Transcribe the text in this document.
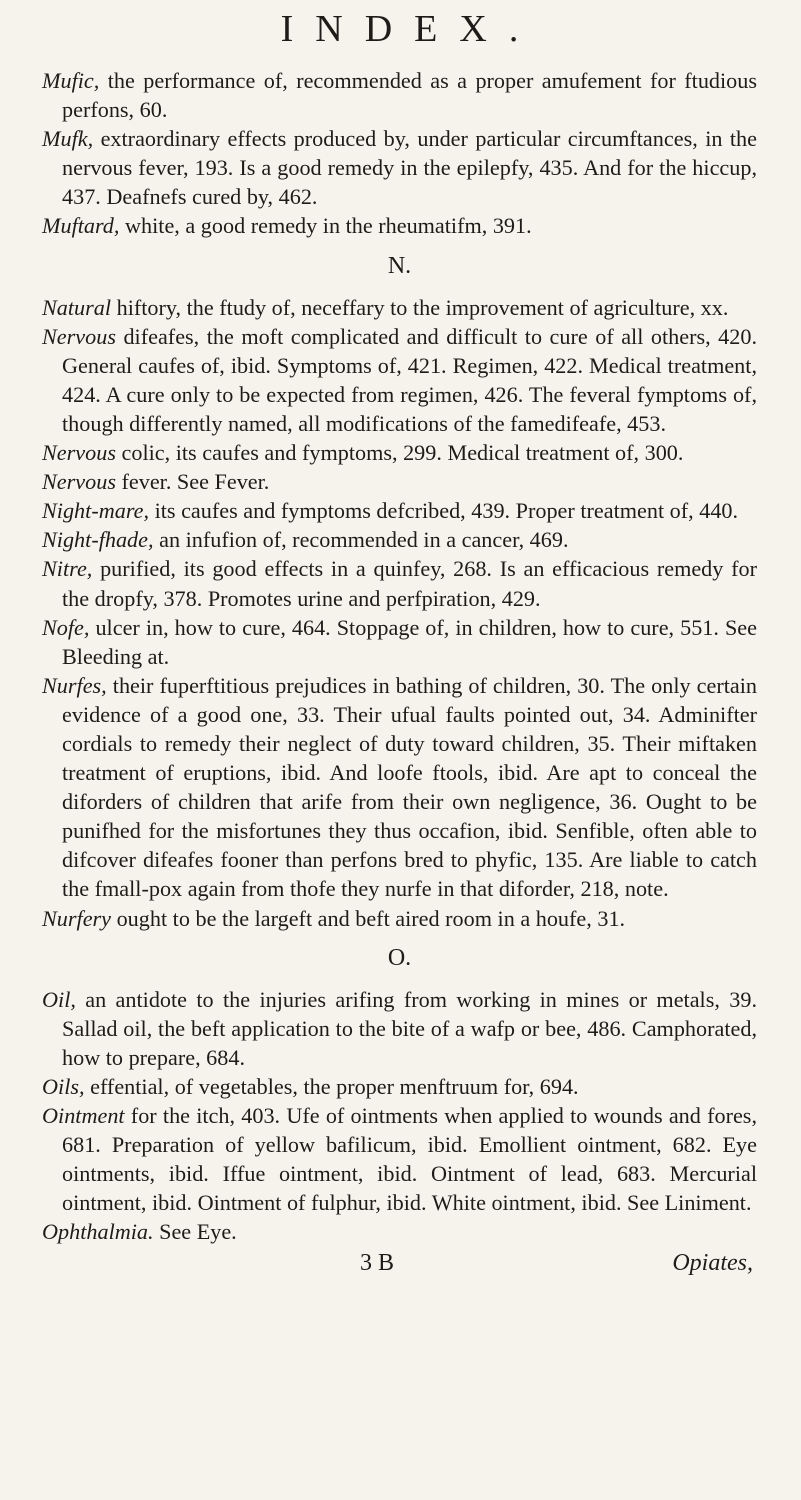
INDEX.

Mufic, the performance of, recommended as a proper amufement for ftudious perfons, 60.

Mufk, extraordinary effects produced by, under particular circumftances, in the nervous fever, 193. Is a good remedy in the epilepfy, 435. And for the hiccup, 437. Deafnefs cured by, 462.

Muftard, white, a good remedy in the rheumatifm, 391.

N.

Natural hiftory, the ftudy of, neceffary to the improvement of agriculture, xx.

Nervous difeafes, the moft complicated and difficult to cure of all others, 420. General caufes of, ibid. Symptoms of, 421. Regimen, 422. Medical treatment, 424. A cure only to be expected from regimen, 426. The feveral fymptoms of, though differently named, all modifications of the famedifeafe, 453.

Nervous colic, its caufes and fymptoms, 299. Medical treatment of, 300.

Nervous fever. See Fever.

Night-mare, its caufes and fymptoms defcribed, 439. Proper treatment of, 440.

Night-fhade, an infufion of, recommended in a cancer, 469.

Nitre, purified, its good effects in a quinfey, 268. Is an efficacious remedy for the dropfy, 378. Promotes urine and perfpiration, 429.

Nofe, ulcer in, how to cure, 464. Stoppage of, in children, how to cure, 551. See Bleeding at.

Nurfes, their fuperftitious prejudices in bathing of children, 30. The only certain evidence of a good one, 33. Their ufual faults pointed out, 34. Adminifter cordials to remedy their neglect of duty toward children, 35. Their miftaken treatment of eruptions, ibid. And loofe ftools, ibid. Are apt to conceal the diforders of children that arife from their own negligence, 36. Ought to be punifhed for the misfortunes they thus occafion, ibid. Senfible, often able to difcover difeafes fooner than perfons bred to phyfic, 135. Are liable to catch the fmall-pox again from thofe they nurfe in that diforder, 218, note.

Nurfery ought to be the largeft and beft aired room in a houfe, 31.

O.

Oil, an antidote to the injuries arifing from working in mines or metals, 39. Sallad oil, the beft application to the bite of a wafp or bee, 486. Camphorated, how to prepare, 684.

Oils, effential, of vegetables, the proper menftruum for, 694.

Ointment for the itch, 403. Ufe of ointments when applied to wounds and fores, 681. Preparation of yellow bafilicum, ibid. Emollient ointment, 682. Eye ointments, ibid. Iffue ointment, ibid. Ointment of lead, 683. Mercurial ointment, ibid. Ointment of fulphur, ibid. White ointment, ibid. See Liniment.

Ophthalmia. See Eye.

3 B	Opiates,
